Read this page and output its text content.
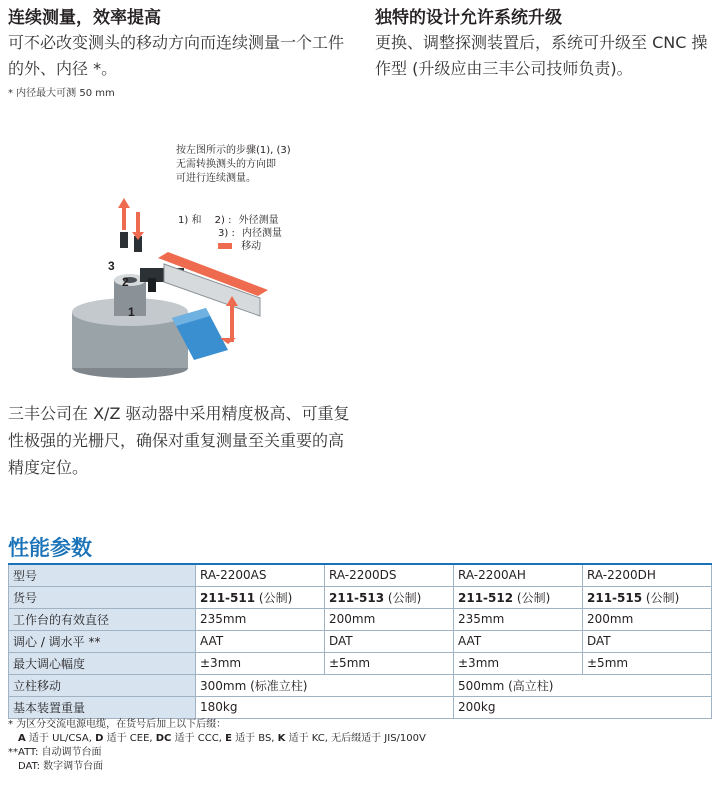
连续测量，效率提高
可不必改变测头的移动方向而连续测量一个工件的外、内径 *。
* 内径最大可测 50 mm
独特的设计允许系统升级
更换、调整探测装置后，系统可升级至 CNC 操作型 (升级应由三丰公司技师负责)。
3
2
1
按左图所示的步骤(1), (3)
无需转换测头的方向即
可进行连续测量。
1) 和 2) : 外径测量
3) : 内径测量
移动
三丰公司在 X/Z 驱动器中采用精度极高、可重复性极强的光栅尺，确保对重复测量至关重要的高精度定位。
性能参数
型号	RA-2200AS	RA-2200DS	RA-2200AH	RA-2200DH
货号	211-511 (公制)	211-513 (公制)	211-512 (公制)	211-515 (公制)
工作台的有效直径	235mm	200mm	235mm	200mm
调心 / 调水平 **	AAT	DAT	AAT	DAT
最大调心幅度	±3mm	±5mm	±3mm	±5mm
立柱移动	300mm (标准立柱)		500mm (高立柱)	
基本装置重量	180kg		200kg	
* 为区分交流电源电缆，在货号后加上以下后缀：
A 适于 UL/CSA, D 适于 CEE, DC 适于 CCC, E 适于 BS, K 适于 KC, 无后缀适于 JIS/100V
**ATT: 自动调节台面
DAT: 数字调节台面
